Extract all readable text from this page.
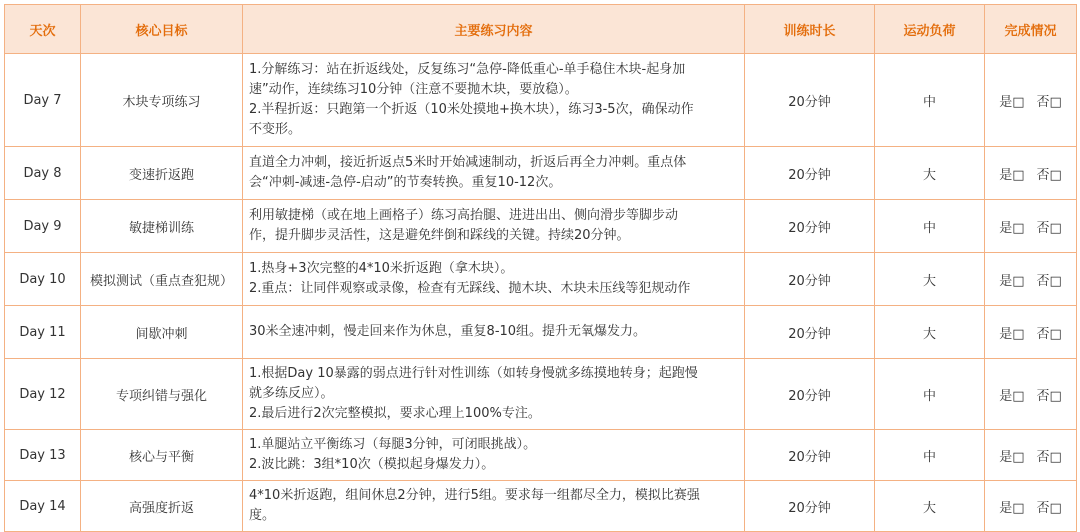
天次	核心目标	主要练习内容	训练时长	运动负荷	完成情况
Day 7	木块专项练习	1.分解练习：站在折返线处，反复练习“急停-降低重心-单手稳住木块-起身加
速”动作，连续练习10分钟（注意不要抛木块，要放稳）。
2.半程折返：只跑第一个折返（10米处摸地+换木块），练习3-5次，确保动作
不变形。	20分钟	中	是□ 否□
Day 8	变速折返跑	直道全力冲刺，接近折返点5米时开始减速制动，折返后再全力冲刺。重点体
会“冲刺-减速-急停-启动”的节奏转换。重复10-12次。	20分钟	大	是□ 否□
Day 9	敏捷梯训练	利用敏捷梯（或在地上画格子）练习高抬腿、进进出出、侧向滑步等脚步动
作，提升脚步灵活性，这是避免绊倒和踩线的关键。持续20分钟。	20分钟	中	是□ 否□
Day 10	模拟测试（重点查犯规）	1.热身+3次完整的4*10米折返跑（拿木块）。
2.重点：让同伴观察或录像，检查有无踩线、抛木块、木块未压线等犯规动作	20分钟	大	是□ 否□
Day 11	间歇冲刺	30米全速冲刺，慢走回来作为休息，重复8-10组。提升无氧爆发力。	20分钟	大	是□ 否□
Day 12	专项纠错与强化	1.根据Day 10暴露的弱点进行针对性训练（如转身慢就多练摸地转身；起跑慢
就多练反应）。
2.最后进行2次完整模拟，要求心理上100%专注。	20分钟	中	是□ 否□
Day 13	核心与平衡	1.单腿站立平衡练习（每腿3分钟，可闭眼挑战）。
2.波比跳：3组*10次（模拟起身爆发力）。	20分钟	中	是□ 否□
Day 14	高强度折返	4*10米折返跑，组间休息2分钟，进行5组。要求每一组都尽全力，模拟比赛强
度。	20分钟	大	是□ 否□
